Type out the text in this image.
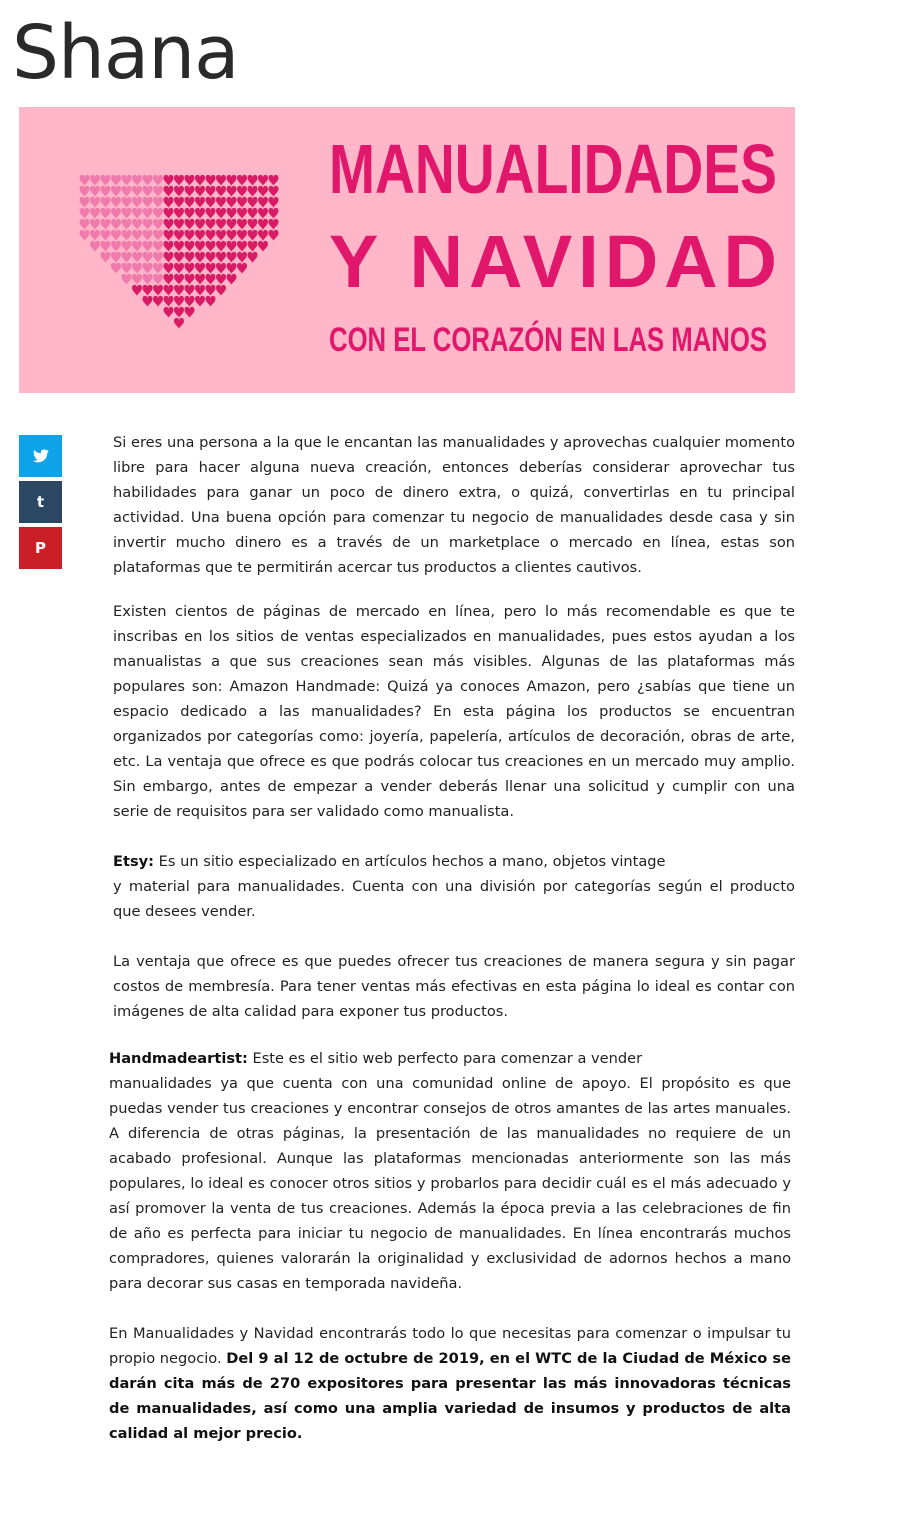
Shana
MANUALIDADES
Y NAVIDAD
CON EL CORAZÓN EN LAS MANOS
t
P

Si eres una persona a la que le encantan las manualidades y aprovechas cualquier momento libre para hacer alguna nueva creación, entonces deberías considerar aprovechar tus habilidades para ganar un poco de dinero extra, o quizá, convertirlas en tu principal actividad. Una buena opción para comenzar tu negocio de manualidades desde casa y sin invertir mucho dinero es a través de un marketplace o mercado en línea, estas son plataformas que te permitirán acercar tus productos a clientes cautivos.

Existen cientos de páginas de mercado en línea, pero lo más recomendable es que te inscribas en los sitios de ventas especializados en manualidades, pues estos ayudan a los manualistas a que sus creaciones sean más visibles. Algunas de las plataformas más populares son: Amazon Handmade: Quizá ya conoces Amazon, pero ¿sabías que tiene un espacio dedicado a las manualidades? En esta página los productos se encuentran organizados por categorías como: joyería, papelería, artículos de decoración, obras de arte, etc. La ventaja que ofrece es que podrás colocar tus creaciones en un mercado muy amplio. Sin embargo, antes de empezar a vender deberás llenar una solicitud y cumplir con una serie de requisitos para ser validado como manualista.

Etsy: Es un sitio especializado en artículos hechos a mano, objetos vintage
y material para manualidades. Cuenta con una división por categorías según el producto que desees vender.

La ventaja que ofrece es que puedes ofrecer tus creaciones de manera segura y sin pagar costos de membresía. Para tener ventas más efectivas en esta página lo ideal es contar con imágenes de alta calidad para exponer tus productos.

Handmadeartist: Este es el sitio web perfecto para comenzar a vender
manualidades ya que cuenta con una comunidad online de apoyo. El propósito es que puedas vender tus creaciones y encontrar consejos de otros amantes de las artes manuales. A diferencia de otras páginas, la presentación de las manualidades no requiere de un acabado profesional. Aunque las plataformas mencionadas anteriormente son las más populares, lo ideal es conocer otros sitios y probarlos para decidir cuál es el más adecuado y así promover la venta de tus creaciones. Además la época previa a las celebraciones de fin de año es perfecta para iniciar tu negocio de manualidades. En línea encontrarás muchos compradores, quienes valorarán la originalidad y exclusividad de adornos hechos a mano para decorar sus casas en temporada navideña.

En Manualidades y Navidad encontrarás todo lo que necesitas para comenzar o impulsar tu propio negocio. Del 9 al 12 de octubre de 2019, en el WTC de la Ciudad de México se darán cita más de 270 expositores para presentar las más innovadoras técnicas de manualidades, así como una amplia variedad de insumos y productos de alta calidad al mejor precio.
